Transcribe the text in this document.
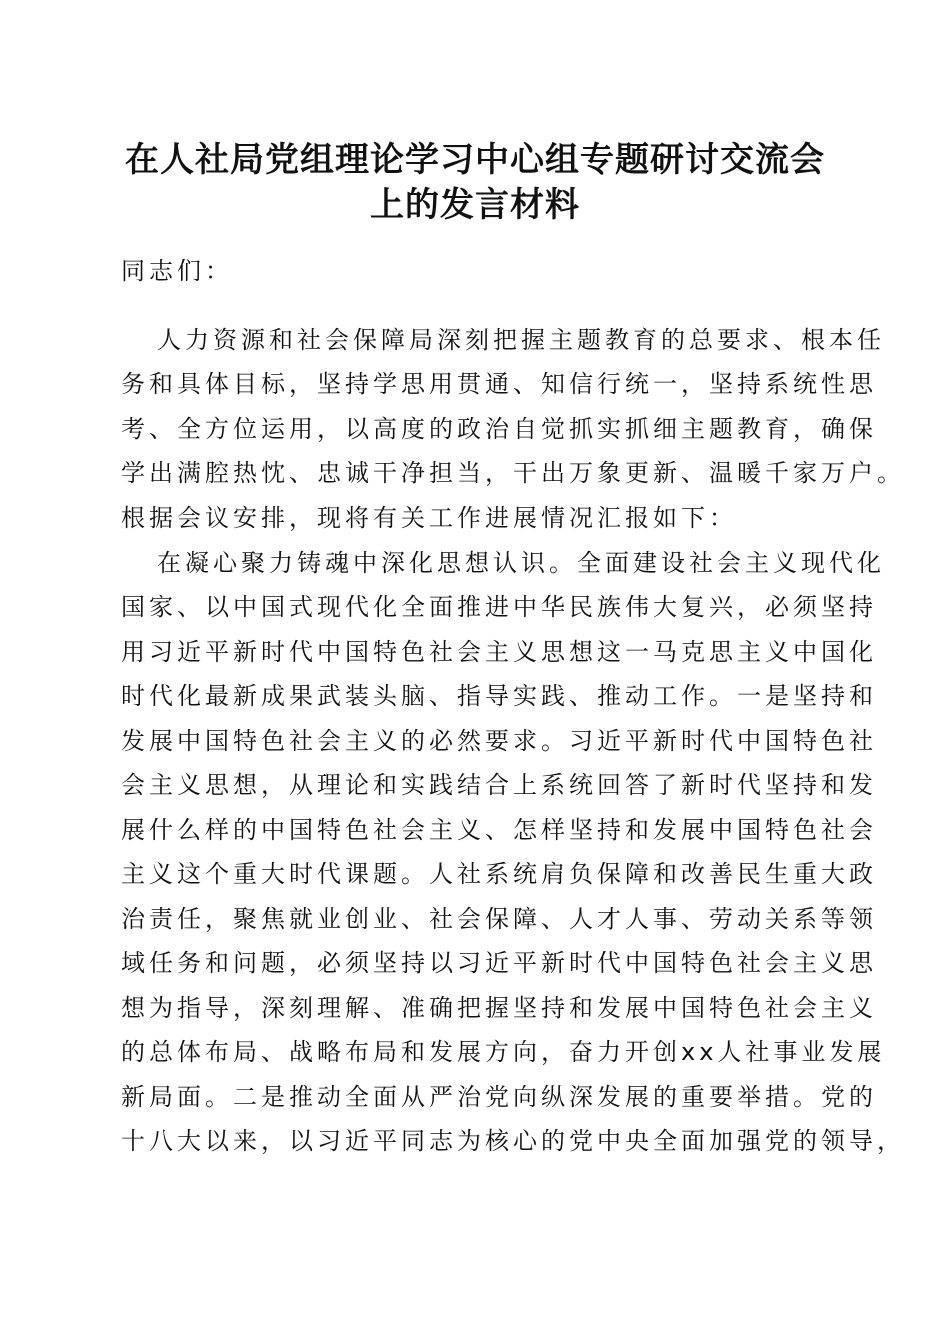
在人社局党组理论学习中心组专题研讨交流会
上的发言材料
同志们：
人力资源和社会保障局深刻把握主题教育的总要求、根本任
务和具体目标，坚持学思用贯通、知信行统一，坚持系统性思
考、全方位运用，以高度的政治自觉抓实抓细主题教育，确保
学出满腔热忱、忠诚干净担当，干出万象更新、温暖千家万户。
根据会议安排，现将有关工作进展情况汇报如下：
在凝心聚力铸魂中深化思想认识。全面建设社会主义现代化
国家、以中国式现代化全面推进中华民族伟大复兴，必须坚持
用习近平新时代中国特色社会主义思想这一马克思主义中国化
时代化最新成果武装头脑、指导实践、推动工作。一是坚持和
发展中国特色社会主义的必然要求。习近平新时代中国特色社
会主义思想，从理论和实践结合上系统回答了新时代坚持和发
展什么样的中国特色社会主义、怎样坚持和发展中国特色社会
主义这个重大时代课题。人社系统肩负保障和改善民生重大政
治责任，聚焦就业创业、社会保障、人才人事、劳动关系等领
域任务和问题，必须坚持以习近平新时代中国特色社会主义思
想为指导，深刻理解、准确把握坚持和发展中国特色社会主义
的总体布局、战略布局和发展方向，奋力开创xx人社事业发展
新局面。二是推动全面从严治党向纵深发展的重要举措。党的
十八大以来，以习近平同志为核心的党中央全面加强党的领导，
